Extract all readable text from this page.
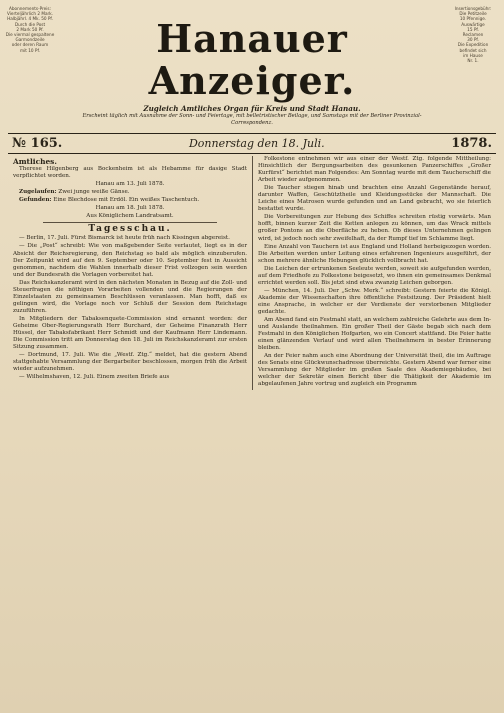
Abonnements-Preis:
Vierteljährlich 2 Mark.
Halbjährl. 4 Mk. 50 Pf.
Durch die Post
2 Mark 50 Pf.
Die viermal gespaltene
Garmondzeile
oder deren Raum
mit 10 Pf.
Insertionsgebühr:
Die Petitzeile
10 Pfennige.
Auswärtige
15 Pf.
Reclamen
30 Pf.
Die Expedition
befindet sich
im Hause
Nr. 1.
Hanauer Anzeiger.
Zugleich Amtliches Organ für Kreis und Stadt Hanau.
Erscheint täglich mit Ausnahme der Sonn- und Feiertage, mit belletristischer Beilage, und Samstags mit der Berliner Provinzial-Correspondenz.
№ 165.	Donnerstag den 18. Juli.	1878.
Amtliches.

Therese Hilgenberg aus Bockenheim ist als Hebamme für dasige Stadt verpflichtet worden.

Hanau am 13. Juli 1878.

Zugelaufen: Zwei junge weiße Gänse.

Gefunden: Eine Blechdose mit Erdöl. Ein weißes Taschentuch.

Hanau am 18. Juli 1878.

Aus Königlichem Landratsamt.

Tagesschau.

— Berlin, 17. Juli. Fürst Bismarck ist heute früh nach Kissingen abgereist.

— Die „Post“ schreibt: Wie von maßgebender Seite verlautet, liegt es in der Absicht der Reichsregierung, den Reichstag so bald als möglich einzuberufen. Der Zeitpunkt wird auf den 9. September oder 10. September fest in Aussicht genommen, nachdem die Wahlen innerhalb dieser Frist vollzogen sein werden und der Bundesrath die Vorlagen vorbereitet hat.

Das Reichskanzleramt wird in den nächsten Monaten in Bezug auf die Zoll- und Steuerfragen die nöthigen Vorarbeiten vollenden und die Regierungen der Einzelstaaten zu gemeinsamen Beschlüssen veranlassen. Man hofft, daß es gelingen wird, die Vorlage noch vor Schluß der Session dem Reichstage zuzuführen.

In Mitgliedern der Tabaksenquete-Commission sind ernannt worden: der Geheime Ober-Regierungsrath Herr Burchard, der Geheime Finanzrath Herr Hüssel, der Tabaksfabrikant Herr Schmidt und der Kaufmann Herr Lindemann. Die Commission tritt am Donnerstag den 18. Juli im Reichskanzleramt zur ersten Sitzung zusammen.

— Dortmund, 17. Juli. Wie die „Westf. Ztg.“ meldet, hat die gestern Abend stattgehabte Versammlung der Bergarbeiter beschlossen, morgen früh die Arbeit wieder aufzunehmen.

— Wilhelmshaven, 12. Juli. Einem zweiten Briefe aus

Folkestone entnehmen wir aus einer der Westf. Ztg. folgende Mittheilung: Hinsichtlich der Bergungsarbeiten des gesunkenen Panzerschiffes „Großer Kurfürst“ berichtet man Folgendes: Am Sonntag wurde mit dem Taucherschiff die Arbeit wieder aufgenommen.

Die Taucher stiegen hinab und brachten eine Anzahl Gegenstände herauf, darunter Waffen, Geschütztheile und Kleidungsstücke der Mannschaft. Die Leiche eines Matrosen wurde gefunden und an Land gebracht, wo sie feierlich bestattet wurde.

Die Vorbereitungen zur Hebung des Schiffes schreiten rüstig vorwärts. Man hofft, binnen kurzer Zeit die Ketten anlegen zu können, um das Wrack mittels großer Pontons an die Oberfläche zu heben. Ob dieses Unternehmen gelingen wird, ist jedoch noch sehr zweifelhaft, da der Rumpf tief im Schlamme liegt.

Eine Anzahl von Tauchern ist aus England und Holland herbeigezogen worden. Die Arbeiten werden unter Leitung eines erfahrenen Ingenieurs ausgeführt, der schon mehrere ähnliche Hebungen glücklich vollbracht hat.

Die Leichen der ertrunkenen Seeleute werden, soweit sie aufgefunden werden, auf dem Friedhofe zu Folkestone beigesetzt, wo ihnen ein gemeinsames Denkmal errichtet werden soll. Bis jetzt sind etwa zwanzig Leichen geborgen.

— München, 14. Juli. Der „Schw. Merk.“ schreibt: Gestern feierte die Königl. Akademie der Wissenschaften ihre öffentliche Festsitzung. Der Präsident hielt eine Ansprache, in welcher er der Verdienste der verstorbenen Mitglieder gedachte.

Am Abend fand ein Festmahl statt, an welchem zahlreiche Gelehrte aus dem In- und Auslande theilnahmen. Ein großer Theil der Gäste begab sich nach dem Festmahl in den Königlichen Hofgarten, wo ein Concert stattfand. Die Feier hatte einen glänzenden Verlauf und wird allen Theilnehmern in bester Erinnerung bleiben.

An der Feier nahm auch eine Abordnung der Universität theil, die im Auftrage des Senats eine Glückwunschadresse überreichte. Gestern Abend war ferner eine Versammlung der Mitglieder im großen Saale des Akademiegebäudes, bei welcher der Sekretär einen Bericht über die Thätigkeit der Akademie im abgelaufenen Jahre vortrug und zugleich ein Programm
